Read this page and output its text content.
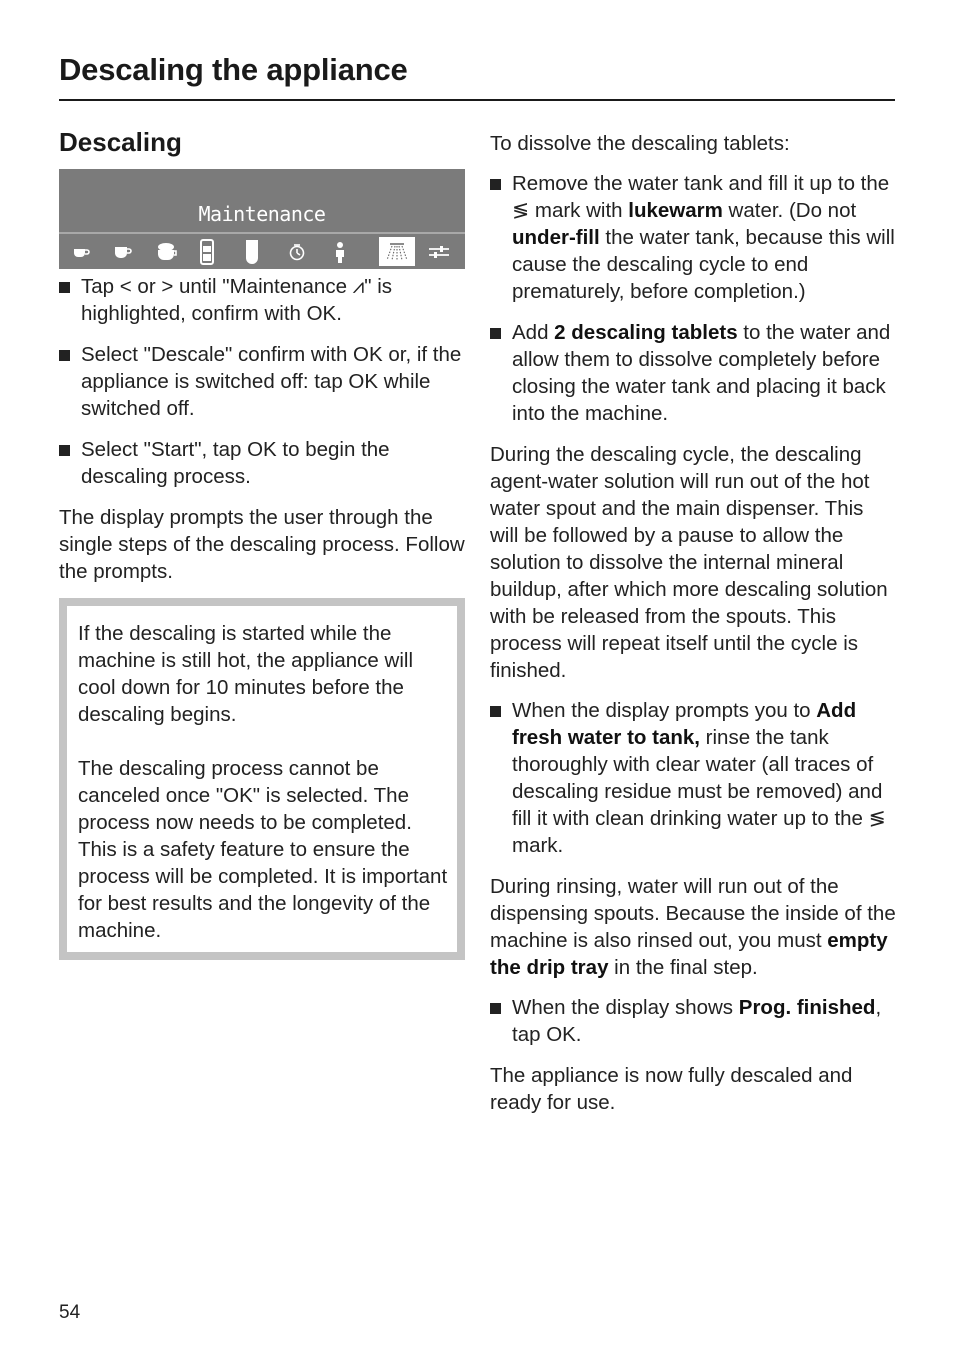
Descaling the appliance
Descaling
Maintenance
Tap < or > until "Maintenance ⩘" is highlighted, confirm with OK.
Select "Descale" confirm with OK or, if the appliance is switched off: tap OK while switched off.
Select "Start", tap OK to begin the descaling process.

The display prompts the user through the single steps of the descaling process. Follow the prompts.

If the descaling is started while the machine is still hot, the appliance will cool down for 10 minutes before the descaling begins.

The descaling process cannot be canceled once "OK" is selected. The process now needs to be completed. This is a safety feature to ensure the process will be completed. It is important for best results and the longevity of the machine.

To dissolve the descaling tablets:

Remove the water tank and fill it up to the ≶ mark with lukewarm water. (Do not under-fill the water tank, because this will cause the descaling cycle to end prematurely, before completion.)
Add 2 descaling tablets to the water and allow them to dissolve completely before closing the water tank and placing it back into the machine.

During the descaling cycle, the descaling agent-water solution will run out of the hot water spout and the main dispenser. This will be followed by a pause to allow the solution to dissolve the internal mineral buildup, after which more descaling solution with be released from the spouts. This process will repeat itself until the cycle is finished.

When the display prompts you to Add fresh water to tank, rinse the tank thoroughly with clear water (all traces of descaling residue must be removed) and fill it with clean drinking water up to the ≶ mark.

During rinsing, water will run out of the dispensing spouts. Because the inside of the machine is also rinsed out, you must empty the drip tray in the final step.

When the display shows Prog. finished, tap OK.

The appliance is now fully descaled and ready for use.

54
